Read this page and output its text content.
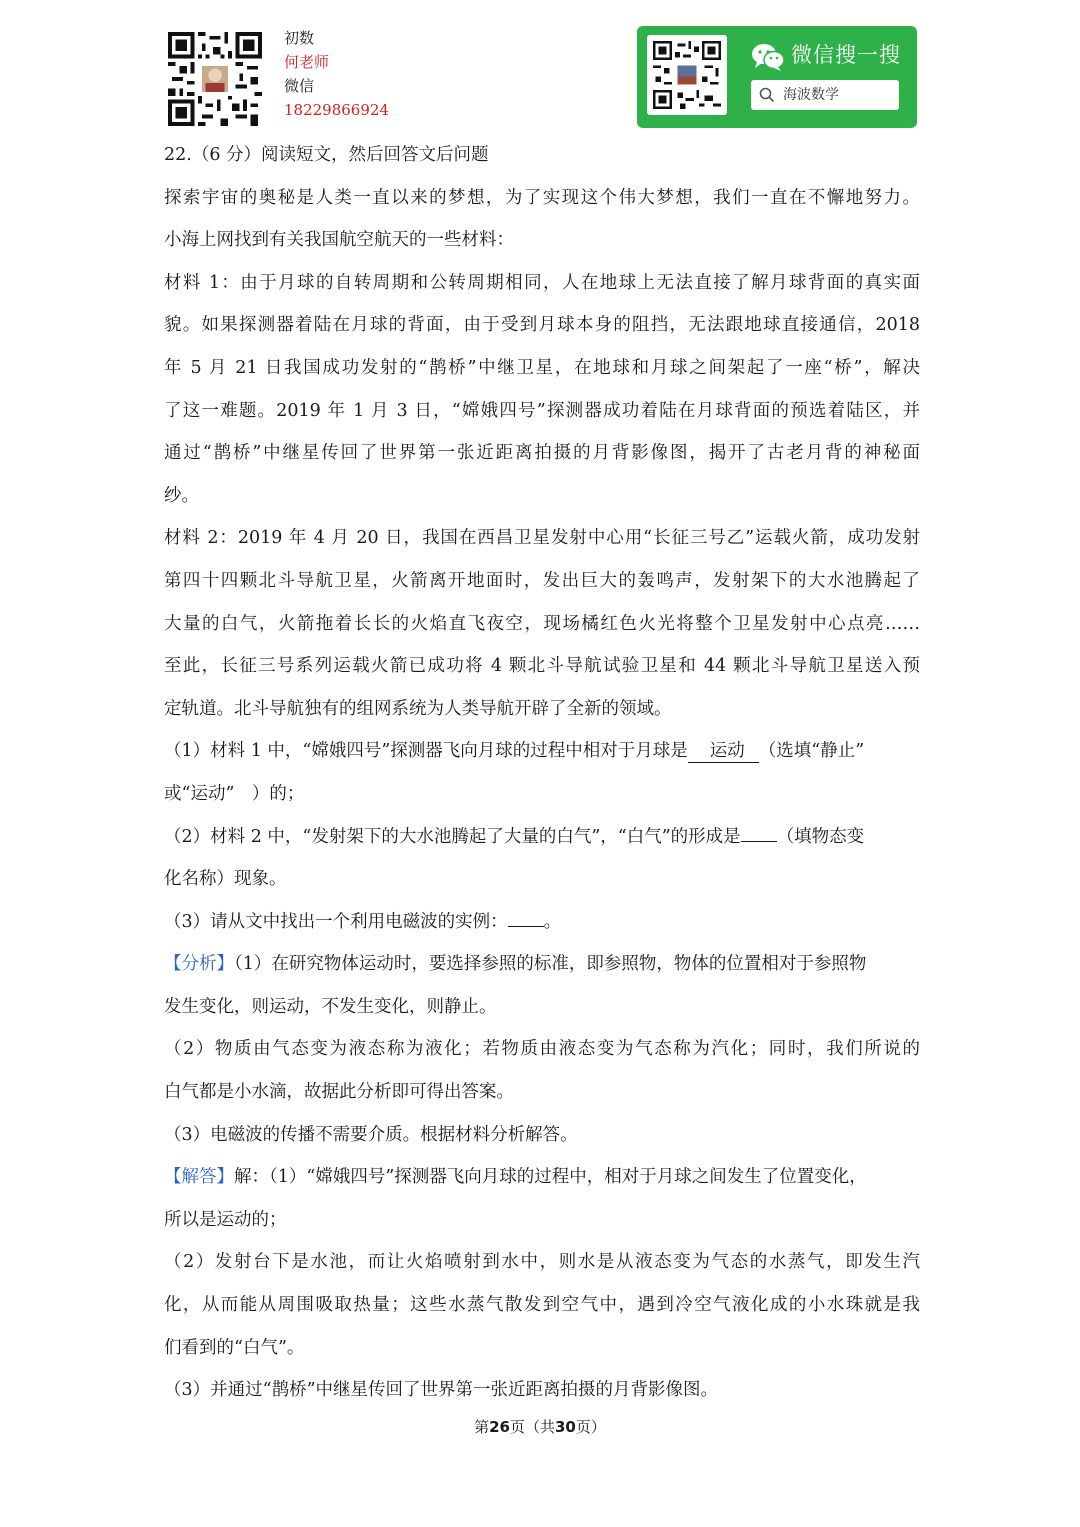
初数
何老师
微信
18229866924
微信搜一搜
海波数学
22.（6 分）阅读短文，然后回答文后问题
探索宇宙的奥秘是人类一直以来的梦想，为了实现这个伟大梦想，我们一直在不懈地努力。
小海上网找到有关我国航空航天的一些材料：
材料 1：由于月球的自转周期和公转周期相同，人在地球上无法直接了解月球背面的真实面
貌。如果探测器着陆在月球的背面，由于受到月球本身的阻挡，无法跟地球直接通信，2018
年 5 月 21 日我国成功发射的“鹊桥”中继卫星，在地球和月球之间架起了一座“桥”，解决
了这一难题。2019 年 1 月 3 日，“嫦娥四号”探测器成功着陆在月球背面的预选着陆区，并
通过“鹊桥”中继星传回了世界第一张近距离拍摄的月背影像图，揭开了古老月背的神秘面
纱。
材料 2：2019 年 4 月 20 日，我国在西昌卫星发射中心用“长征三号乙”运载火箭，成功发射
第四十四颗北斗导航卫星，火箭离开地面时，发出巨大的轰鸣声，发射架下的大水池腾起了
大量的白气，火箭拖着长长的火焰直飞夜空，现场橘红色火光将整个卫星发射中心点亮……
至此，长征三号系列运载火箭已成功将 4 颗北斗导航试验卫星和 44 颗北斗导航卫星送入预
定轨道。北斗导航独有的组网系统为人类导航开辟了全新的领域。
（1）材料 1 中，“嫦娥四号”探测器飞向月球的过程中相对于月球是 运动 （选填“静止”
或“运动”　）的；
（2）材料 2 中，“发射架下的大水池腾起了大量的白气”，“白气”的形成是 （填物态变
化名称）现象。
（3）请从文中找出一个利用电磁波的实例： 。
【分析】（1）在研究物体运动时，要选择参照的标准，即参照物，物体的位置相对于参照物
发生变化，则运动，不发生变化，则静止。
（2）物质由气态变为液态称为液化；若物质由液态变为气态称为汽化；同时，我们所说的
白气都是小水滴，故据此分析即可得出答案。
（3）电磁波的传播不需要介质。根据材料分析解答。
【解答】解：（1）“嫦娥四号”探测器飞向月球的过程中，相对于月球之间发生了位置变化，
所以是运动的；
（2）发射台下是水池，而让火焰喷射到水中，则水是从液态变为气态的水蒸气，即发生汽
化，从而能从周围吸取热量；这些水蒸气散发到空气中，遇到冷空气液化成的小水珠就是我
们看到的“白气”。
（3）并通过“鹊桥”中继星传回了世界第一张近距离拍摄的月背影像图。
第26页（共30页）
